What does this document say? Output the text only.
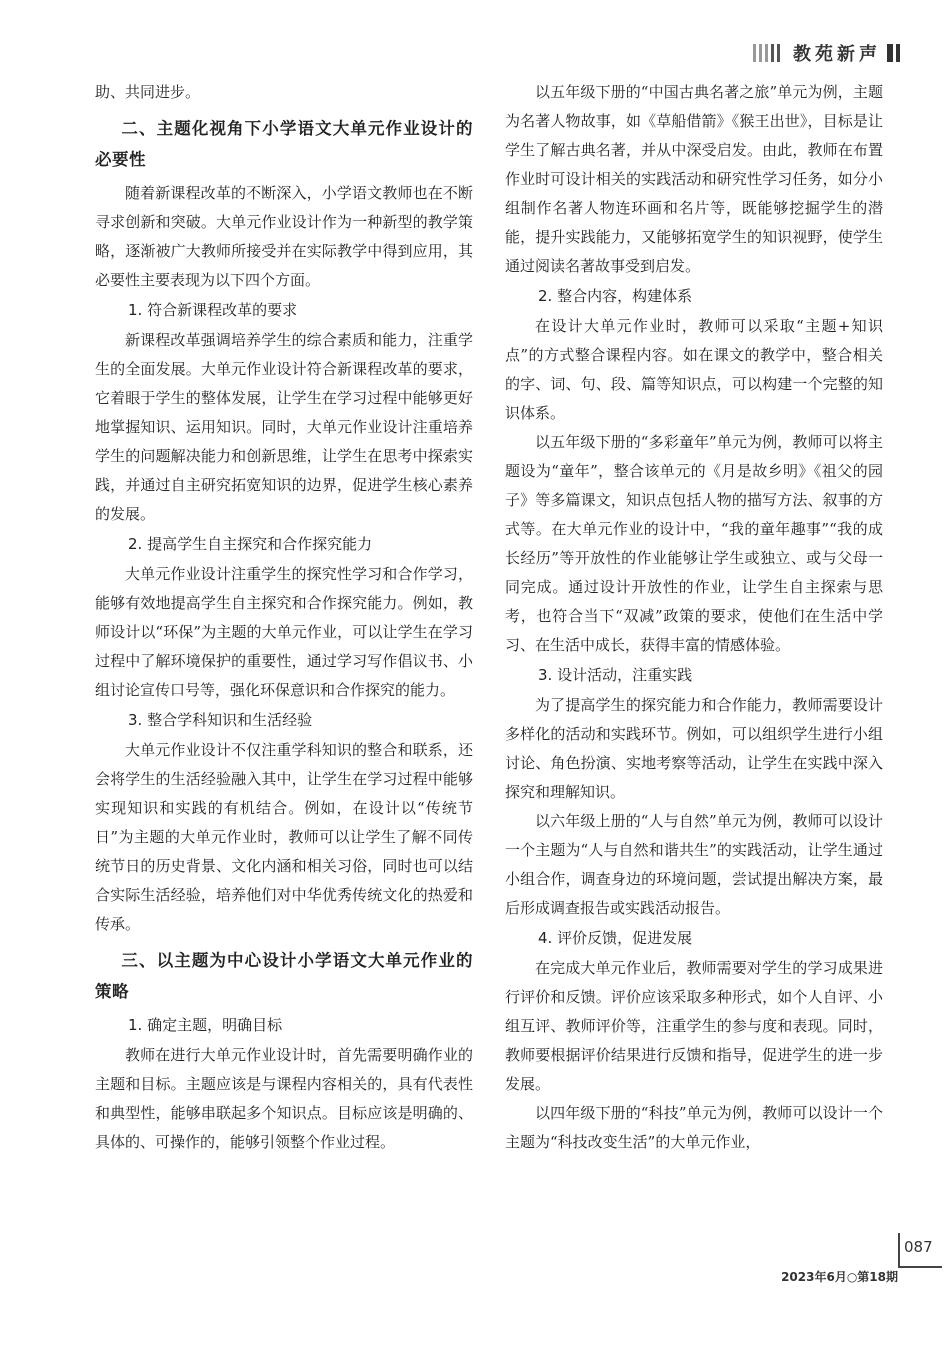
教苑新声

助、共同进步。

二、主题化视角下小学语文大单元作业设计的必要性

随着新课程改革的不断深入，小学语文教师也在不断寻求创新和突破。大单元作业设计作为一种新型的教学策略，逐渐被广大教师所接受并在实际教学中得到应用，其必要性主要表现为以下四个方面。

1. 符合新课程改革的要求

新课程改革强调培养学生的综合素质和能力，注重学生的全面发展。大单元作业设计符合新课程改革的要求，它着眼于学生的整体发展，让学生在学习过程中能够更好地掌握知识、运用知识。同时，大单元作业设计注重培养学生的问题解决能力和创新思维，让学生在思考中探索实践，并通过自主研究拓宽知识的边界，促进学生核心素养的发展。

2. 提高学生自主探究和合作探究能力

大单元作业设计注重学生的探究性学习和合作学习，能够有效地提高学生自主探究和合作探究能力。例如，教师设计以“环保”为主题的大单元作业，可以让学生在学习过程中了解环境保护的重要性，通过学习写作倡议书、小组讨论宣传口号等，强化环保意识和合作探究的能力。

3. 整合学科知识和生活经验

大单元作业设计不仅注重学科知识的整合和联系，还会将学生的生活经验融入其中，让学生在学习过程中能够实现知识和实践的有机结合。例如，在设计以“传统节日”为主题的大单元作业时，教师可以让学生了解不同传统节日的历史背景、文化内涵和相关习俗，同时也可以结合实际生活经验，培养他们对中华优秀传统文化的热爱和传承。

三、以主题为中心设计小学语文大单元作业的策略
1. 确定主题，明确目标

教师在进行大单元作业设计时，首先需要明确作业的主题和目标。主题应该是与课程内容相关的，具有代表性和典型性，能够串联起多个知识点。目标应该是明确的、具体的、可操作的，能够引领整个作业过程。

以五年级下册的“中国古典名著之旅”单元为例，主题为名著人物故事，如《草船借箭》《猴王出世》，目标是让学生了解古典名著，并从中深受启发。由此，教师在布置作业时可设计相关的实践活动和研究性学习任务，如分小组制作名著人物连环画和名片等，既能够挖掘学生的潜能，提升实践能力，又能够拓宽学生的知识视野，使学生通过阅读名著故事受到启发。

2. 整合内容，构建体系

在设计大单元作业时，教师可以采取“主题+知识点”的方式整合课程内容。如在课文的教学中，整合相关的字、词、句、段、篇等知识点，可以构建一个完整的知识体系。

以五年级下册的“多彩童年”单元为例，教师可以将主题设为“童年”，整合该单元的《月是故乡明》《祖父的园子》等多篇课文，知识点包括人物的描写方法、叙事的方式等。在大单元作业的设计中，“我的童年趣事”“我的成长经历”等开放性的作业能够让学生或独立、或与父母一同完成。通过设计开放性的作业，让学生自主探索与思考，也符合当下“双减”政策的要求，使他们在生活中学习、在生活中成长，获得丰富的情感体验。

3. 设计活动，注重实践

为了提高学生的探究能力和合作能力，教师需要设计多样化的活动和实践环节。例如，可以组织学生进行小组讨论、角色扮演、实地考察等活动，让学生在实践中深入探究和理解知识。

以六年级上册的“人与自然”单元为例，教师可以设计一个主题为“人与自然和谐共生”的实践活动，让学生通过小组合作，调查身边的环境问题，尝试提出解决方案，最后形成调查报告或实践活动报告。

4. 评价反馈，促进发展

在完成大单元作业后，教师需要对学生的学习成果进行评价和反馈。评价应该采取多种形式，如个人自评、小组互评、教师评价等，注重学生的参与度和表现。同时，教师要根据评价结果进行反馈和指导，促进学生的进一步发展。

以四年级下册的“科技”单元为例，教师可以设计一个主题为“科技改变生活”的大单元作业，

087
2023年6月○第18期
